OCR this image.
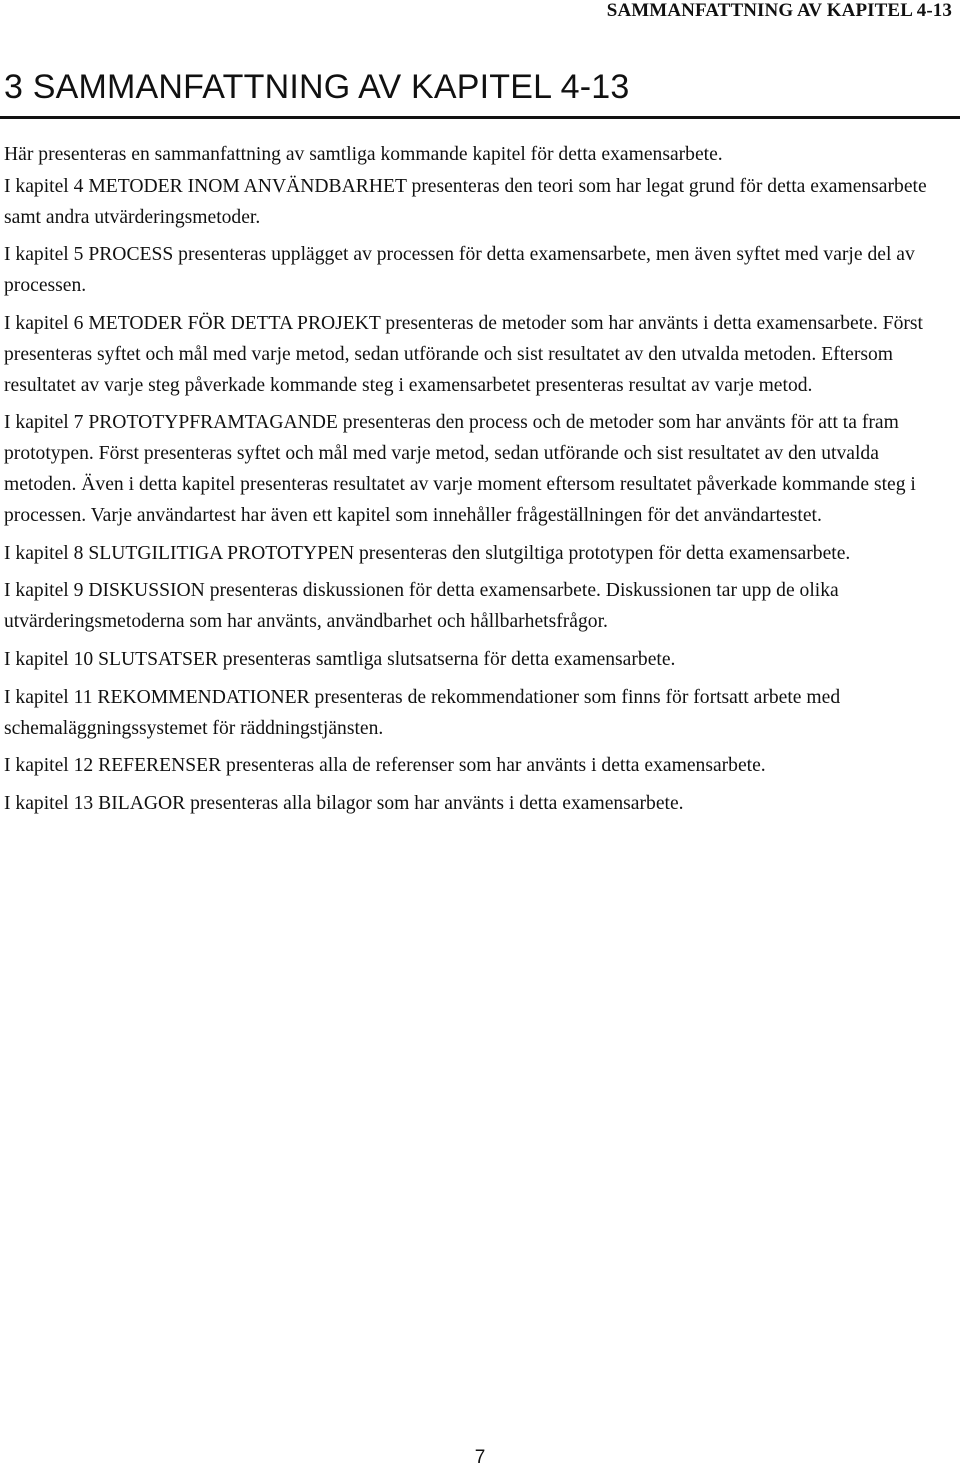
SAMMANFATTNING AV KAPITEL 4-13
3 SAMMANFATTNING AV KAPITEL 4-13

Här presenteras en sammanfattning av samtliga kommande kapitel för detta examensarbete.

I kapitel 4 METODER INOM ANVÄNDBARHET presenteras den teori som har legat grund för detta examensarbete samt andra utvärderingsmetoder.

I kapitel 5 PROCESS presenteras upplägget av processen för detta examensarbete, men även syftet med varje del av processen.

I kapitel 6 METODER FÖR DETTA PROJEKT presenteras de metoder som har använts i detta examensarbete. Först presenteras syftet och mål med varje metod, sedan utförande och sist resultatet av den utvalda metoden. Eftersom resultatet av varje steg påverkade kommande steg i examensarbetet presenteras resultat av varje metod.

I kapitel 7 PROTOTYPFRAMTAGANDE presenteras den process och de metoder som har använts för att ta fram prototypen. Först presenteras syftet och mål med varje metod, sedan utförande och sist resultatet av den utvalda metoden. Även i detta kapitel presenteras resultatet av varje moment eftersom resultatet påverkade kommande steg i processen. Varje användartest har även ett kapitel som innehåller frågeställningen för det användartestet.

I kapitel 8 SLUTGILITIGA PROTOTYPEN presenteras den slutgiltiga prototypen för detta examensarbete.

I kapitel 9 DISKUSSION presenteras diskussionen för detta examensarbete. Diskussionen tar upp de olika utvärderingsmetoderna som har använts, användbarhet och hållbarhetsfrågor.

I kapitel 10 SLUTSATSER presenteras samtliga slutsatserna för detta examensarbete.

I kapitel 11 REKOMMENDATIONER presenteras de rekommendationer som finns för fortsatt arbete med schemaläggningssystemet för räddningstjänsten.

I kapitel 12 REFERENSER presenteras alla de referenser som har använts i detta examensarbete.

I kapitel 13 BILAGOR presenteras alla bilagor som har använts i detta examensarbete.

7
